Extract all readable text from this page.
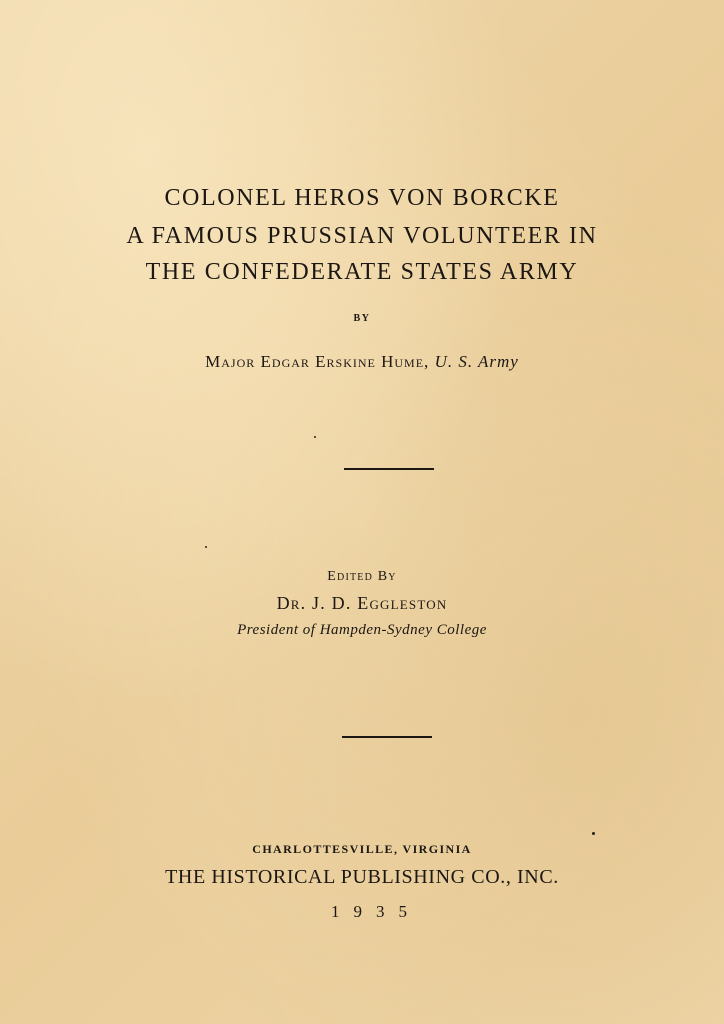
COLONEL HEROS VON BORCKE
A FAMOUS PRUSSIAN VOLUNTEER IN
THE CONFEDERATE STATES ARMY
BY
Major Edgar Erskine Hume, U. S. Army
Edited By
Dr. J. D. Eggleston
President of Hampden-Sydney College
CHARLOTTESVILLE, VIRGINIA
THE HISTORICAL PUBLISHING CO., INC.
1935
